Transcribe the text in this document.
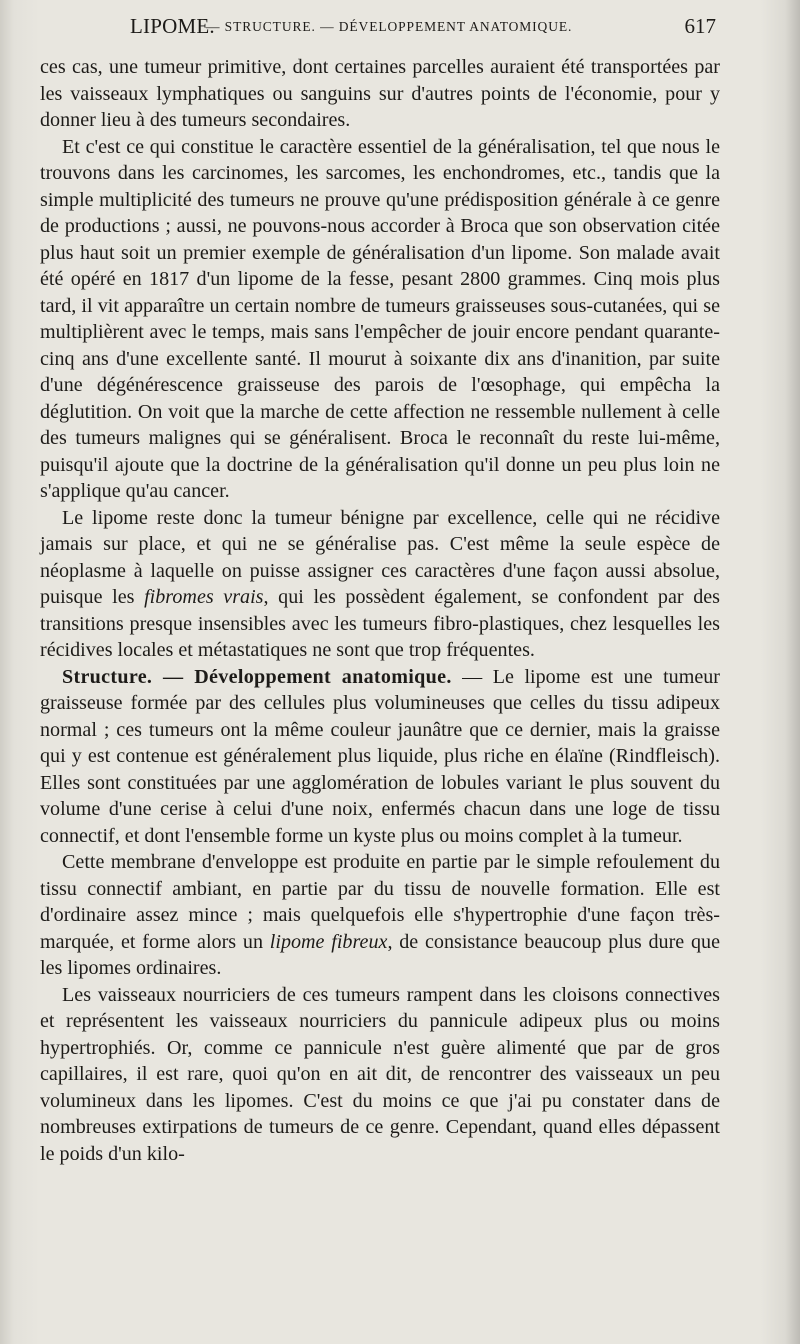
LIPOME.
— STRUCTURE. — DÉVELOPPEMENT ANATOMIQUE.	617

ces cas, une tumeur primitive, dont certaines parcelles auraient été transportées par les vaisseaux lymphatiques ou sanguins sur d'autres points de l'économie, pour y donner lieu à des tumeurs secondaires.

Et c'est ce qui constitue le caractère essentiel de la généralisation, tel que nous le trouvons dans les carcinomes, les sarcomes, les enchondromes, etc., tandis que la simple multiplicité des tumeurs ne prouve qu'une prédisposition générale à ce genre de productions ; aussi, ne pouvons-nous accorder à Broca que son observation citée plus haut soit un premier exemple de généralisation d'un lipome. Son malade avait été opéré en 1817 d'un lipome de la fesse, pesant 2800 grammes. Cinq mois plus tard, il vit apparaître un certain nombre de tumeurs graisseuses sous-cutanées, qui se multiplièrent avec le temps, mais sans l'empêcher de jouir encore pendant quarante-cinq ans d'une excellente santé. Il mourut à soixante dix ans d'inanition, par suite d'une dégénérescence graisseuse des parois de l'œsophage, qui empêcha la déglutition. On voit que la marche de cette affection ne ressemble nullement à celle des tumeurs malignes qui se généralisent. Broca le reconnaît du reste lui-même, puisqu'il ajoute que la doctrine de la généralisation qu'il donne un peu plus loin ne s'applique qu'au cancer.

Le lipome reste donc la tumeur bénigne par excellence, celle qui ne récidive jamais sur place, et qui ne se généralise pas. C'est même la seule espèce de néoplasme à laquelle on puisse assigner ces caractères d'une façon aussi absolue, puisque les fibromes vrais, qui les possèdent également, se confondent par des transitions presque insensibles avec les tumeurs fibro-plastiques, chez lesquelles les récidives locales et métastatiques ne sont que trop fréquentes.

Structure. — Développement anatomique. — Le lipome est une tumeur graisseuse formée par des cellules plus volumineuses que celles du tissu adipeux normal ; ces tumeurs ont la même couleur jaunâtre que ce dernier, mais la graisse qui y est contenue est généralement plus liquide, plus riche en élaïne (Rindfleisch). Elles sont constituées par une agglomération de lobules variant le plus souvent du volume d'une cerise à celui d'une noix, enfermés chacun dans une loge de tissu connectif, et dont l'ensemble forme un kyste plus ou moins complet à la tumeur.

Cette membrane d'enveloppe est produite en partie par le simple refoulement du tissu connectif ambiant, en partie par du tissu de nouvelle formation. Elle est d'ordinaire assez mince ; mais quelquefois elle s'hypertrophie d'une façon très-marquée, et forme alors un lipome fibreux, de consistance beaucoup plus dure que les lipomes ordinaires.

Les vaisseaux nourriciers de ces tumeurs rampent dans les cloisons connectives et représentent les vaisseaux nourriciers du pannicule adipeux plus ou moins hypertrophiés. Or, comme ce pannicule n'est guère alimenté que par de gros capillaires, il est rare, quoi qu'on en ait dit, de rencontrer des vaisseaux un peu volumineux dans les lipomes. C'est du moins ce que j'ai pu constater dans de nombreuses extirpations de tumeurs de ce genre. Cependant, quand elles dépassent le poids d'un kilo-
